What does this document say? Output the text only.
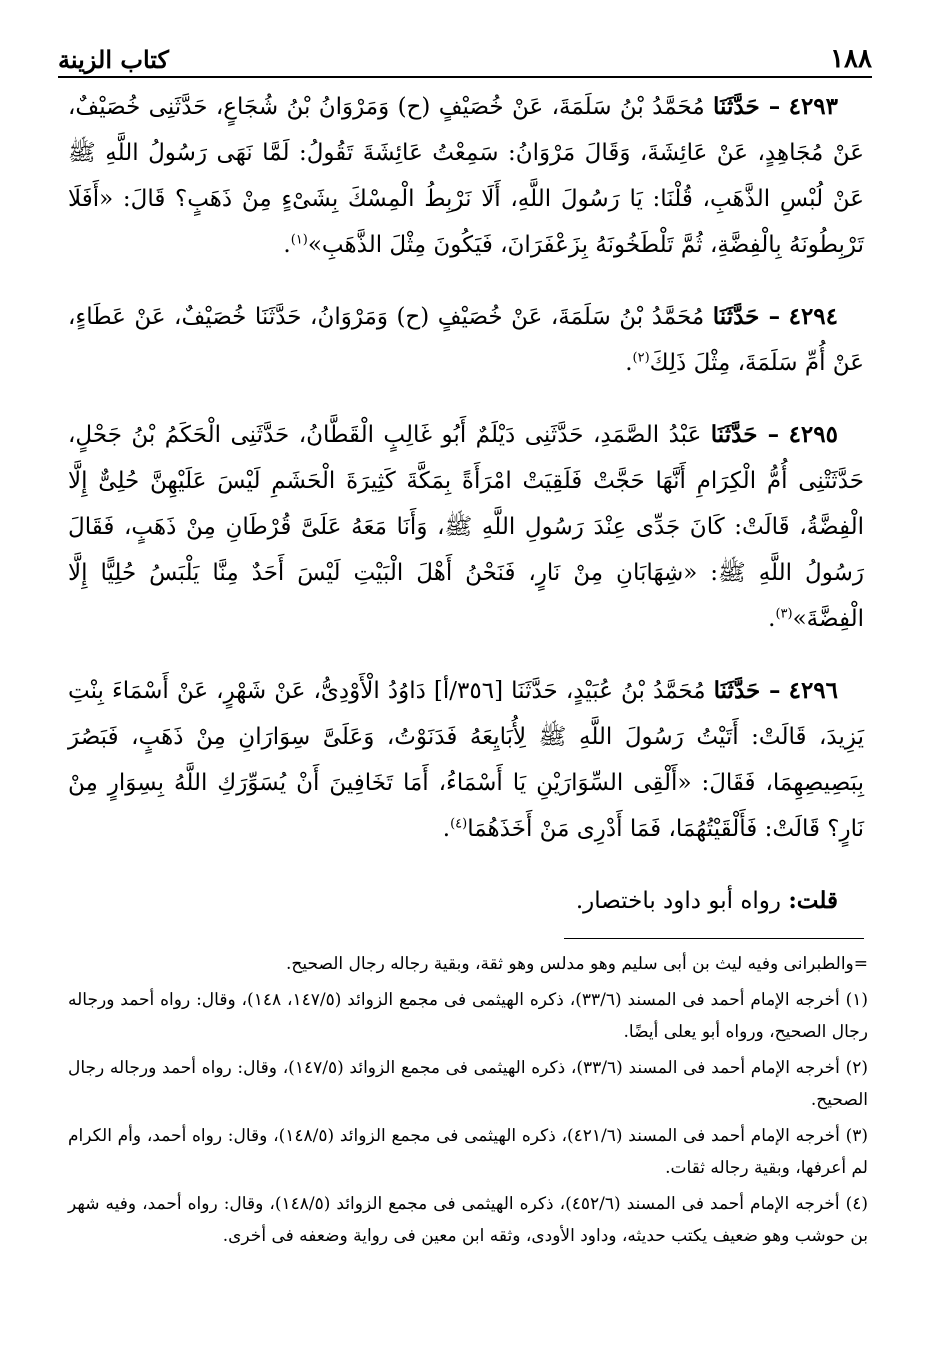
كتاب الزينة	١٨٨

٤٢٩٣ – حَدَّثَنَا مُحَمَّدُ بْنُ سَلَمَةَ، عَنْ خُصَيْفٍ (ح) وَمَرْوَانُ بْنُ شُجَاعٍ، حَدَّثَنِى خُصَيْفٌ، عَنْ مُجَاهِدٍ، عَنْ عَائِشَةَ، وَقَالَ مَرْوَانُ: سَمِعْتُ عَائِشَةَ تَقُولُ: لَمَّا نَهَى رَسُولُ اللَّهِ ﷺ عَنْ لُبْسِ الذَّهَبِ، قُلْنَا: يَا رَسُولَ اللَّهِ، أَلَا نَرْبِطُ الْمِسْكَ بِشَىْءٍ مِنْ ذَهَبٍ؟ قَالَ: «أَفَلَا تَرْبِطُونَهُ بِالْفِضَّةِ، ثُمَّ تَلْطَخُونَهُ بِزَعْفَرَانَ، فَيَكُونَ مِثْلَ الذَّهَبِ»$^{(١)}$.

٤٢٩٤ – حَدَّثَنَا مُحَمَّدُ بْنُ سَلَمَةَ، عَنْ خُصَيْفٍ (ح) وَمَرْوَانُ، حَدَّثَنَا خُصَيْفٌ، عَنْ عَطَاءٍ، عَنْ أُمِّ سَلَمَةَ، مِثْلَ ذَلِكَ$^{(٢)}$.

٤٢٩٥ – حَدَّثَنَا عَبْدُ الصَّمَدِ، حَدَّثَنِى دَيْلَمٌ أَبُو غَالِبٍ الْقَطَّانُ، حَدَّثَنِى الْحَكَمُ بْنُ جَحْلٍ، حَدَّثَتْنِى أُمُّ الْكِرَامِ أَنَّهَا حَجَّتْ فَلَقِيَتْ امْرَأَةً بِمَكَّةَ كَثِيرَةَ الْحَشَمِ لَيْسَ عَلَيْهِنَّ حُلِىٌّ إِلَّا الْفِضَّةُ، قَالَتْ: كَانَ جَدِّى عِنْدَ رَسُولِ اللَّهِ ﷺ، وَأَنَا مَعَهُ عَلَىَّ قُرْطَانِ مِنْ ذَهَبٍ، فَقَالَ رَسُولُ اللَّهِ ﷺ: «شِهَابَانِ مِنْ نَارٍ، فَنَحْنُ أَهْلَ الْبَيْتِ لَيْسَ أَحَدٌ مِنَّا يَلْبَسُ حُلِيًّا إِلَّا الْفِضَّةَ»$^{(٣)}$.

٤٢٩٦ – حَدَّثَنَا مُحَمَّدُ بْنُ عُبَيْدٍ، حَدَّثَنَا [٣٥٦/أ] دَاوُدُ الْأَوْدِىُّ، عَنْ شَهْرٍ، عَنْ أَسْمَاءَ بِنْتِ يَزِيدَ، قَالَتْ: أَتَيْتُ رَسُولَ اللَّهِ ﷺ لِأُبَايِعَهُ فَدَنَوْتُ، وَعَلَىَّ سِوَارَانِ مِنْ ذَهَبٍ، فَبَصُرَ بِبَصِيصِهِمَا، فَقَالَ: «أَلْقِى السِّوَارَيْنِ يَا أَسْمَاءُ، أَمَا تَخَافِينَ أَنْ يُسَوِّرَكِ اللَّهُ بِسِوَارٍ مِنْ نَارٍ؟ قَالَتْ: فَأَلْقَيْتُهُمَا، فَمَا أَدْرِى مَنْ أَخَذَهُمَا$^{(٤)}$.

قلت: رواه أبو داود باختصار.

=والطبرانى وفيه ليث بن أبى سليم وهو مدلس وهو ثقة، وبقية رجاله رجال الصحيح.

(١) أخرجه الإمام أحمد فى المسند (٣٣/٦)، ذكره الهيثمى فى مجمع الزوائد (١٤٧/٥، ١٤٨)، وقال: رواه أحمد ورجاله رجال الصحيح، ورواه أبو يعلى أيضًا.

(٢) أخرجه الإمام أحمد فى المسند (٣٣/٦)، ذكره الهيثمى فى مجمع الزوائد (١٤٧/٥)، وقال: رواه أحمد ورجاله رجال الصحيح.

(٣) أخرجه الإمام أحمد فى المسند (٤٢١/٦)، ذكره الهيثمى فى مجمع الزوائد (١٤٨/٥)، وقال: رواه أحمد، وأم الكرام لم أعرفها، وبقية رجاله ثقات.

(٤) أخرجه الإمام أحمد فى المسند (٤٥٢/٦)، ذكره الهيثمى فى مجمع الزوائد (١٤٨/٥)، وقال: رواه أحمد، وفيه شهر بن حوشب وهو ضعيف يكتب حديثه، وداود الأودى، وثقه ابن معين فى رواية وضعفه فى أخرى.
